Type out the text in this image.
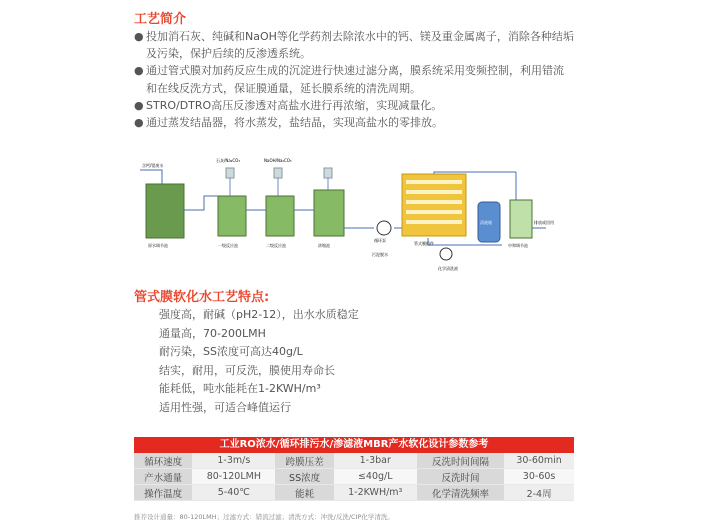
工艺简介
● 投加消石灰、纯碱和NaOH等化学药剂去除浓水中的钙、镁及重金属离子，消除各种结垢及污染，保护后续的反渗透系统。
● 通过管式膜对加药反应生成的沉淀进行快速过滤分离，膜系统采用变频控制，利用错流和在线反洗方式，保证膜通量，延长膜系统的清洗周期。
● STRO/DTRO高压反渗透对高盐水进行再浓缩，实现减量化。
● 通过蒸发结晶器，将水蒸发，盐结晶，实现高盐水的零排放。
含钙/镁废水
原水调节池
石灰/Na₂CO₃
一级反应池
NaOH/Na₂CO₃
二级反应池	浓缩池
循环泵
污泥脱水
管式膜组件
化学清洗液
清液箱
中和调节池
排放或回用
管式膜软化水工艺特点:
强度高，耐碱（pH2-12），出水水质稳定
通量高，70-200LMH
耐污染，SS浓度可高达40g/L
结实，耐用，可反洗，膜使用寿命长
能耗低，吨水能耗在1-2KWH/m³
适用性强，可适合峰值运行
工业RO浓水/循环排污水/渗滤液MBR产水软化设计参数参考
循环速度	1-3m/s	跨膜压差	1-3bar	反洗时间间隔	30-60min
产水通量	80-120LMH	SS浓度	≤40g/L	反洗时间	30-60s
操作温度	5-40℃	能耗	1-2KWH/m³	化学清洗频率	2-4周
推荐设计通量：80-120LMH；过滤方式：错流过滤；清洗方式：冲洗/反洗/CIP化学清洗。
